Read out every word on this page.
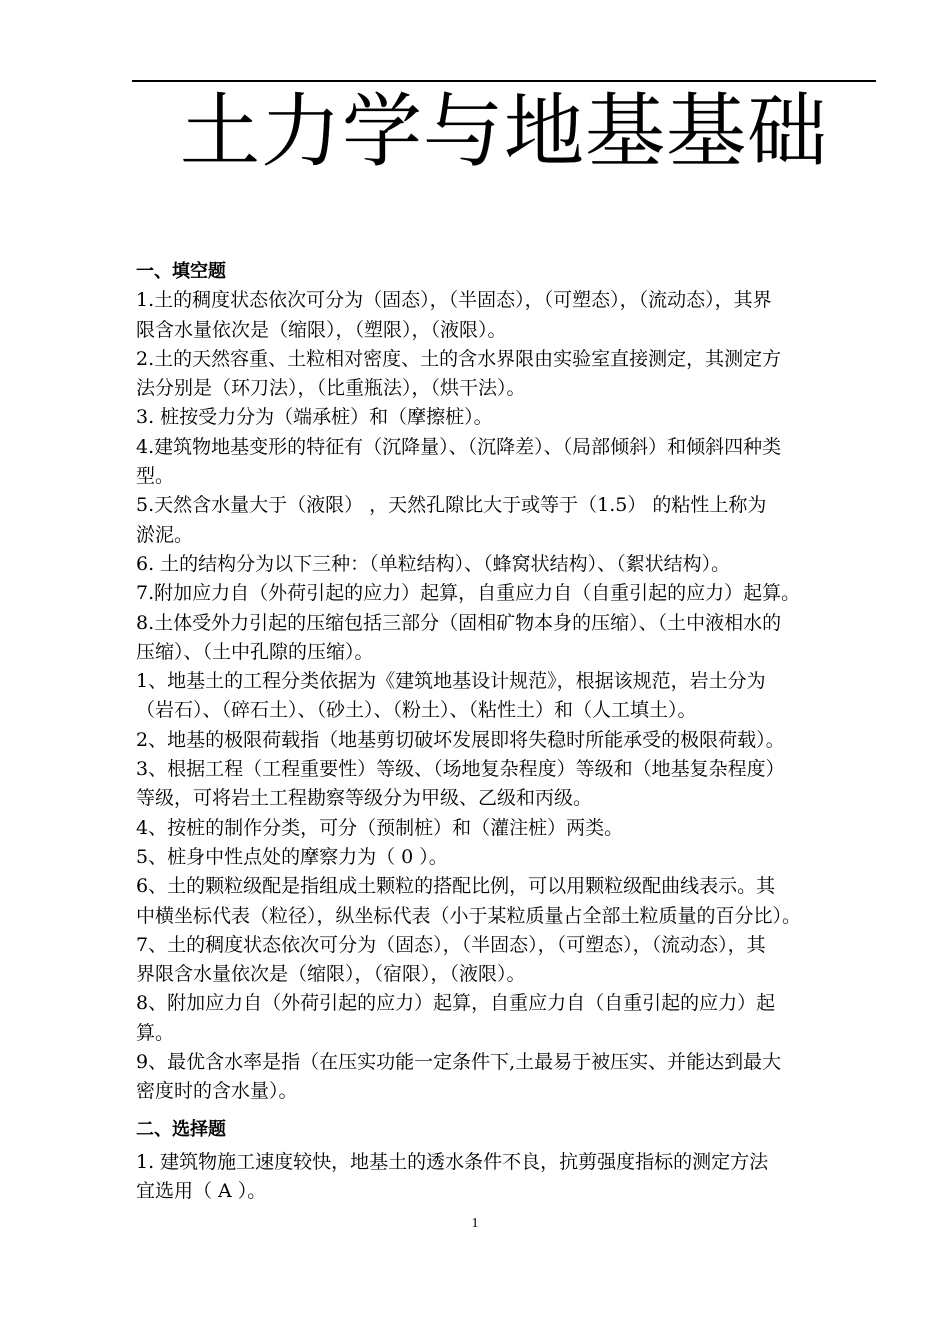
土力学与地基基础
一、填空题
1.土的稠度状态依次可分为（固态），（半固态），（可塑态），（流动态），其界
限含水量依次是（缩限），（塑限），（液限）。
2.土的天然容重、土粒相对密度、土的含水界限由实验室直接测定，其测定方
法分别是（环刀法），（比重瓶法），（烘干法）。
3. 桩按受力分为（端承桩）和（摩擦桩）。
4.建筑物地基变形的特征有（沉降量）、（沉降差）、（局部倾斜）和倾斜四种类
型。
5.天然含水量大于（液限） ，天然孔隙比大于或等于（1.5） 的粘性上称为
淤泥。
6. 土的结构分为以下三种：（单粒结构）、（蜂窝状结构）、（絮状结构）。
7.附加应力自（外荷引起的应力）起算，自重应力自（自重引起的应力）起算。
8.土体受外力引起的压缩包括三部分（固相矿物本身的压缩）、（土中液相水的
压缩）、（土中孔隙的压缩）。
1、地基土的工程分类依据为《建筑地基设计规范》，根据该规范，岩土分为
（岩石）、（碎石土）、（砂土）、（粉土）、（粘性土）和（人工填土）。
2、地基的极限荷载指（地基剪切破坏发展即将失稳时所能承受的极限荷载）。
3、根据工程（工程重要性）等级、（场地复杂程度）等级和（地基复杂程度）
等级，可将岩土工程勘察等级分为甲级、乙级和丙级。
4、按桩的制作分类，可分（预制桩）和（灌注桩）两类。
5、桩身中性点处的摩察力为（ 0 ）。
6、土的颗粒级配是指组成土颗粒的搭配比例，可以用颗粒级配曲线表示。其
中横坐标代表（粒径），纵坐标代表（小于某粒质量占全部土粒质量的百分比）。
7、土的稠度状态依次可分为（固态），（半固态），（可塑态），（流动态），其
界限含水量依次是（缩限），（宿限），（液限）。
8、附加应力自（外荷引起的应力）起算，自重应力自（自重引起的应力）起
算。
9、最优含水率是指（在压实功能一定条件下,土最易于被压实、并能达到最大
密度时的含水量）。
二、选择题
1. 建筑物施工速度较快，地基土的透水条件不良，抗剪强度指标的测定方法
宜选用（ A ）。
1
